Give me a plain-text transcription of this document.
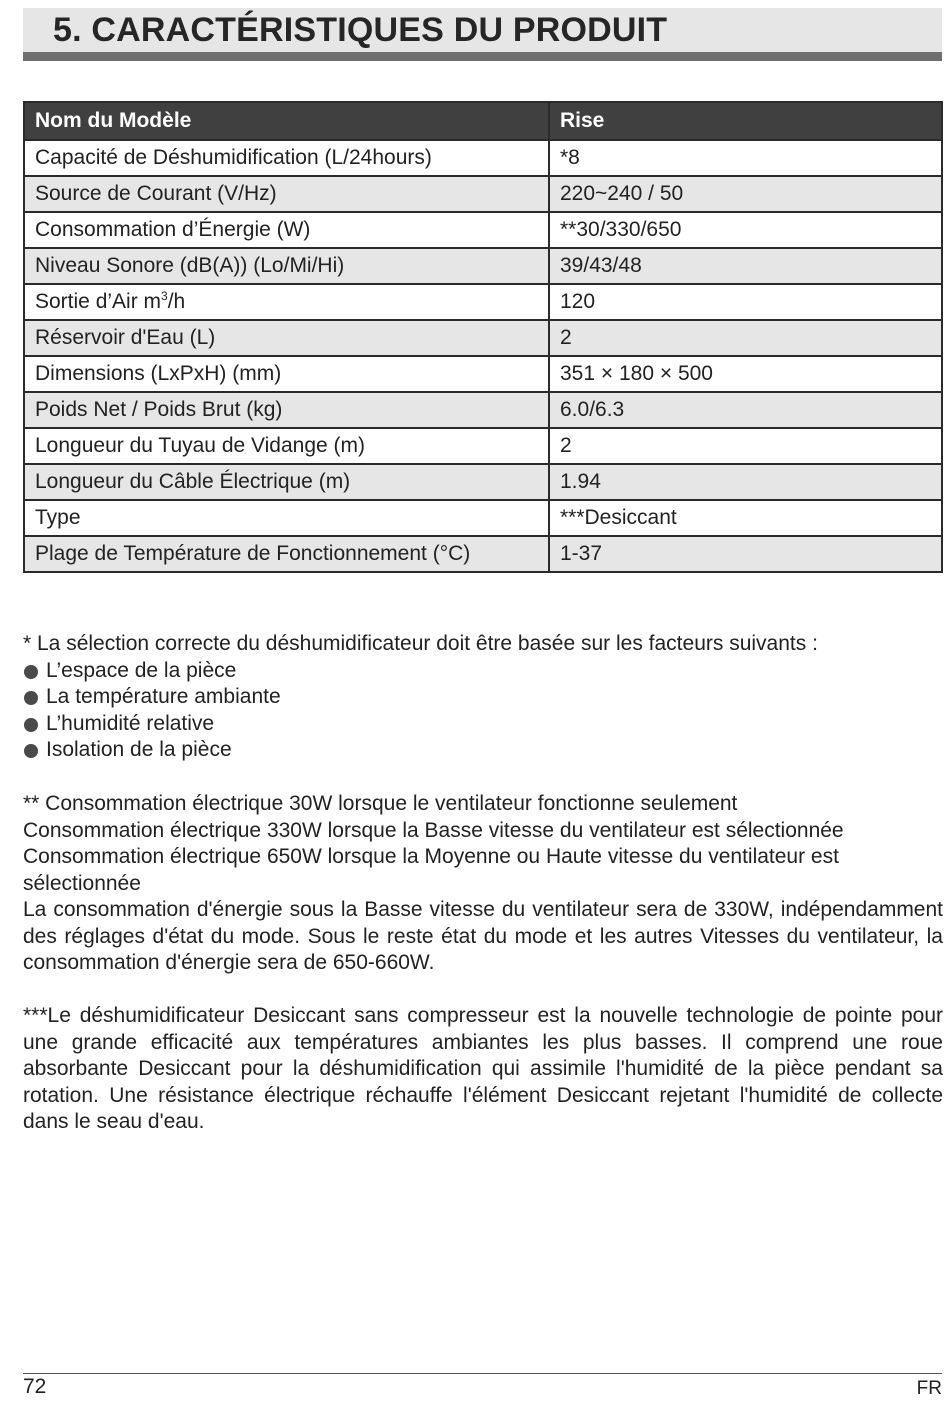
5. CARACTÉRISTIQUES DU PRODUIT
Nom du Modèle	Rise
Capacité de Déshumidification (L/24hours)	*8
Source de Courant (V/Hz)	220~240 / 50
Consommation d’Énergie (W)	**30/330/650
Niveau Sonore (dB(A)) (Lo/Mi/Hi)	39/43/48
Sortie d’Air $m^3/h$	120
Réservoir d'Eau (L)	2
Dimensions (LxPxH) (mm)	351 × 180 × 500
Poids Net / Poids Brut (kg)	6.0/6.3
Longueur du Tuyau de Vidange (m)	2
Longueur du Câble Électrique (m)	1.94
Type	***Desiccant
Plage de Température de Fonctionnement (°C)	1-37

* La sélection correcte du déshumidificateur doit être basée sur les facteurs suivants :

L’espace de la pièce
La température ambiante
L’humidité relative
Isolation de la pièce

** Consommation électrique 30W lorsque le ventilateur fonctionne seulement

Consommation électrique 330W lorsque la Basse vitesse du ventilateur est sélectionnée

Consommation électrique 650W lorsque la Moyenne ou Haute vitesse du ventilateur est sélectionnée

La consommation d'énergie sous la Basse vitesse du ventilateur sera de 330W, indépendamment des réglages d'état du mode. Sous le reste état du mode et les autres Vitesses du ventilateur, la consommation d'énergie sera de 650-660W.

***Le déshumidificateur Desiccant sans compresseur est la nouvelle technologie de pointe pour une grande efficacité aux températures ambiantes les plus basses. Il comprend une roue absorbante Desiccant pour la déshumidification qui assimile l'humidité de la pièce pendant sa rotation. Une résistance électrique réchauffe l'élément Desiccant rejetant l'humidité de collecte dans le seau d'eau.
72	FR
